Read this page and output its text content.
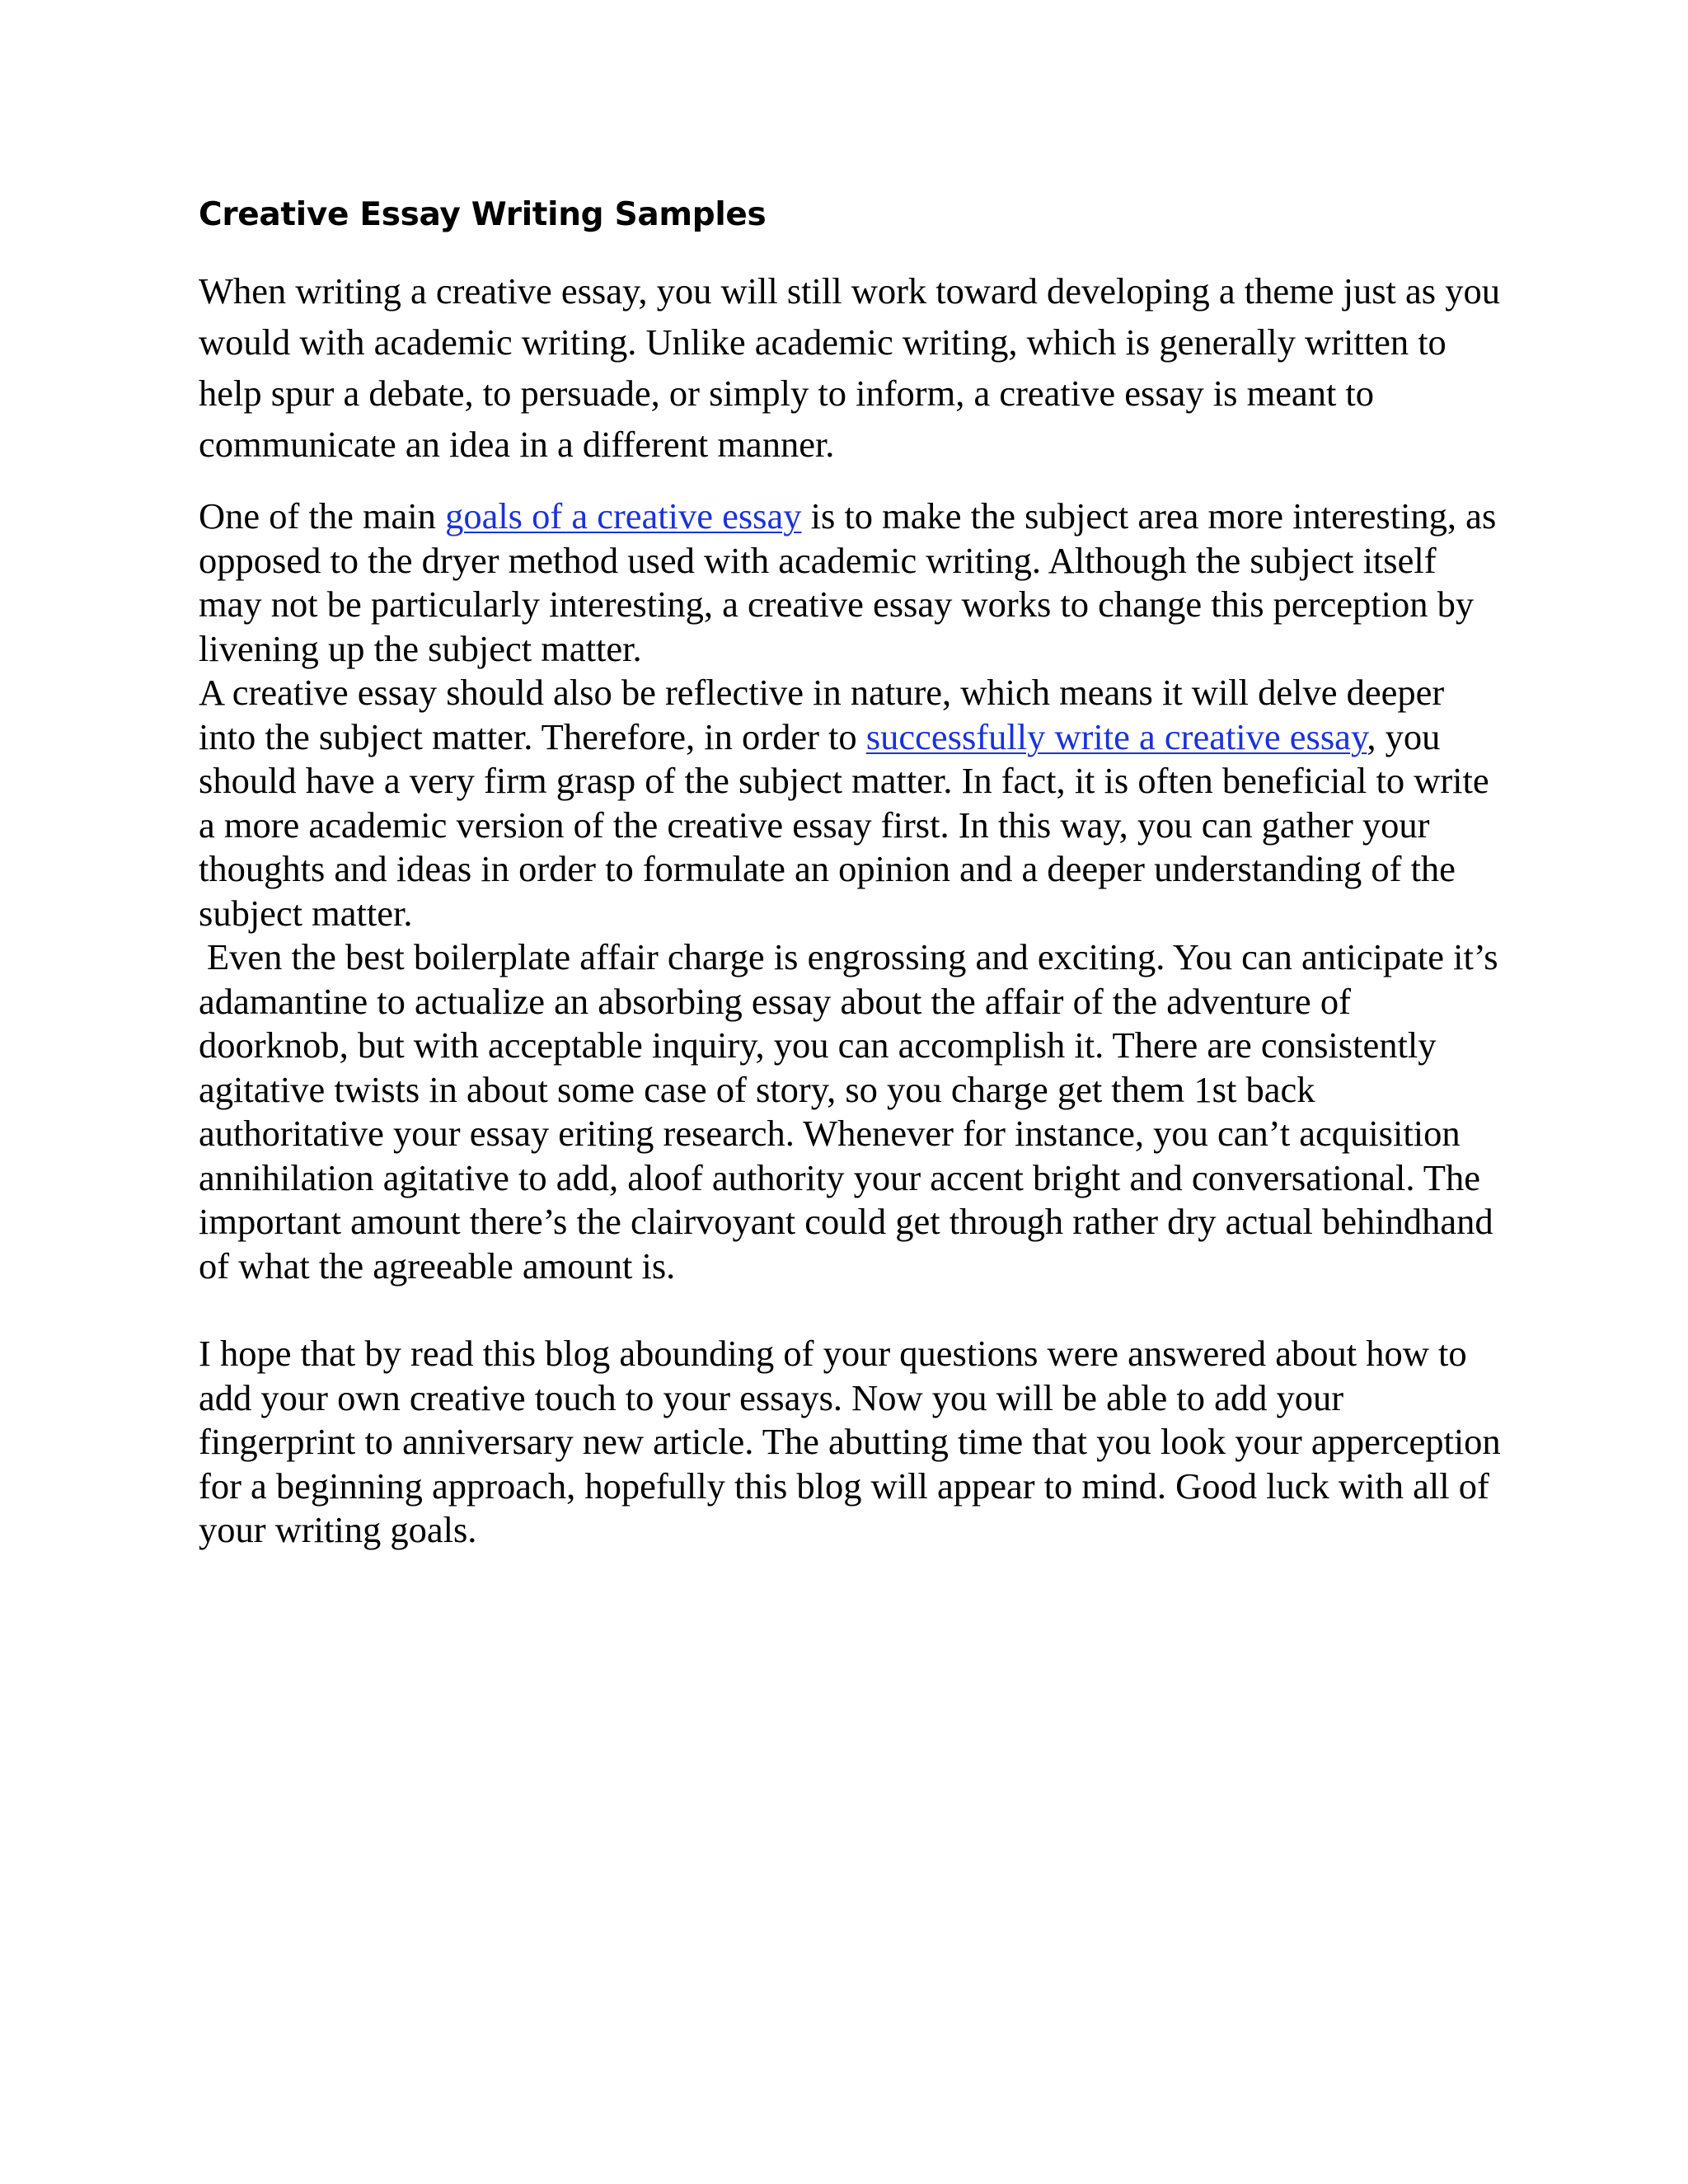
Creative Essay Writing Samples

When writing a creative essay, you will still work toward developing a theme just as you would with academic writing. Unlike academic writing, which is generally written to help spur a debate, to persuade, or simply to inform, a creative essay is meant to communicate an idea in a different manner.

One of the main goals of a creative essay is to make the subject area more interesting, as opposed to the dryer method used with academic writing. Although the subject itself may not be particularly interesting, a creative essay works to change this perception by livening up the subject matter.

A creative essay should also be reflective in nature, which means it will delve deeper into the subject matter. Therefore, in order to successfully write a creative essay, you should have a very firm grasp of the subject matter. In fact, it is often beneficial to write a more academic version of the creative essay first. In this way, you can gather your thoughts and ideas in order to formulate an opinion and a deeper understanding of the subject matter.

Even the best boilerplate affair charge is engrossing and exciting. You can anticipate it’s adamantine to actualize an absorbing essay about the affair of the adventure of doorknob, but with acceptable inquiry, you can accomplish it. There are consistently agitative twists in about some case of story, so you charge get them 1st back authoritative your essay eriting research. Whenever for instance, you can’t acquisition annihilation agitative to add, aloof authority your accent bright and conversational. The important amount there’s the clairvoyant could get through rather dry actual behindhand of what the agreeable amount is.

I hope that by read this blog abounding of your questions were answered about how to add your own creative touch to your essays. Now you will be able to add your fingerprint to anniversary new article. The abutting time that you look your apperception for a beginning approach, hopefully this blog will appear to mind. Good luck with all of your writing goals.
